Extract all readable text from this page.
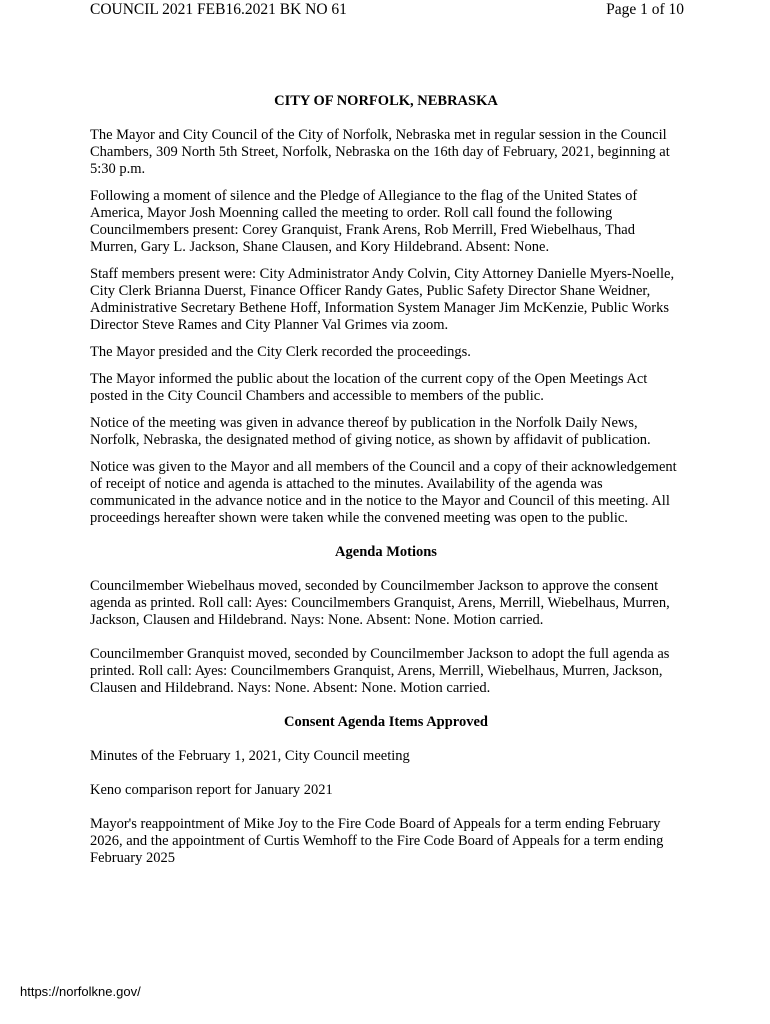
COUNCIL 2021 FEB16.2021 BK NO 61	Page 1 of 10
CITY OF NORFOLK, NEBRASKA
The Mayor and City Council of the City of Norfolk, Nebraska met in regular session in the Council Chambers, 309 North 5th Street, Norfolk, Nebraska on the 16th day of February, 2021, beginning at 5:30 p.m.
Following a moment of silence and the Pledge of Allegiance to the flag of the United States of America, Mayor Josh Moenning called the meeting to order. Roll call found the following Councilmembers present: Corey Granquist, Frank Arens, Rob Merrill, Fred Wiebelhaus, Thad Murren, Gary L. Jackson, Shane Clausen, and Kory Hildebrand. Absent: None.
Staff members present were: City Administrator Andy Colvin, City Attorney Danielle Myers-Noelle, City Clerk Brianna Duerst, Finance Officer Randy Gates, Public Safety Director Shane Weidner, Administrative Secretary Bethene Hoff, Information System Manager Jim McKenzie, Public Works Director Steve Rames and City Planner Val Grimes via zoom.
The Mayor presided and the City Clerk recorded the proceedings.
The Mayor informed the public about the location of the current copy of the Open Meetings Act posted in the City Council Chambers and accessible to members of the public.
Notice of the meeting was given in advance thereof by publication in the Norfolk Daily News, Norfolk, Nebraska, the designated method of giving notice, as shown by affidavit of publication.
Notice was given to the Mayor and all members of the Council and a copy of their acknowledgement of receipt of notice and agenda is attached to the minutes. Availability of the agenda was communicated in the advance notice and in the notice to the Mayor and Council of this meeting. All proceedings hereafter shown were taken while the convened meeting was open to the public.
Agenda Motions
Councilmember Wiebelhaus moved, seconded by Councilmember Jackson to approve the consent agenda as printed. Roll call: Ayes: Councilmembers Granquist, Arens, Merrill, Wiebelhaus, Murren, Jackson, Clausen and Hildebrand. Nays: None. Absent: None. Motion carried.
Councilmember Granquist moved, seconded by Councilmember Jackson to adopt the full agenda as printed. Roll call: Ayes: Councilmembers Granquist, Arens, Merrill, Wiebelhaus, Murren, Jackson, Clausen and Hildebrand. Nays: None. Absent: None. Motion carried.
Consent Agenda Items Approved
Minutes of the February 1, 2021, City Council meeting
Keno comparison report for January 2021
Mayor's reappointment of Mike Joy to the Fire Code Board of Appeals for a term ending February 2026, and the appointment of Curtis Wemhoff to the Fire Code Board of Appeals for a term ending February 2025
https://norfolkne.gov/
